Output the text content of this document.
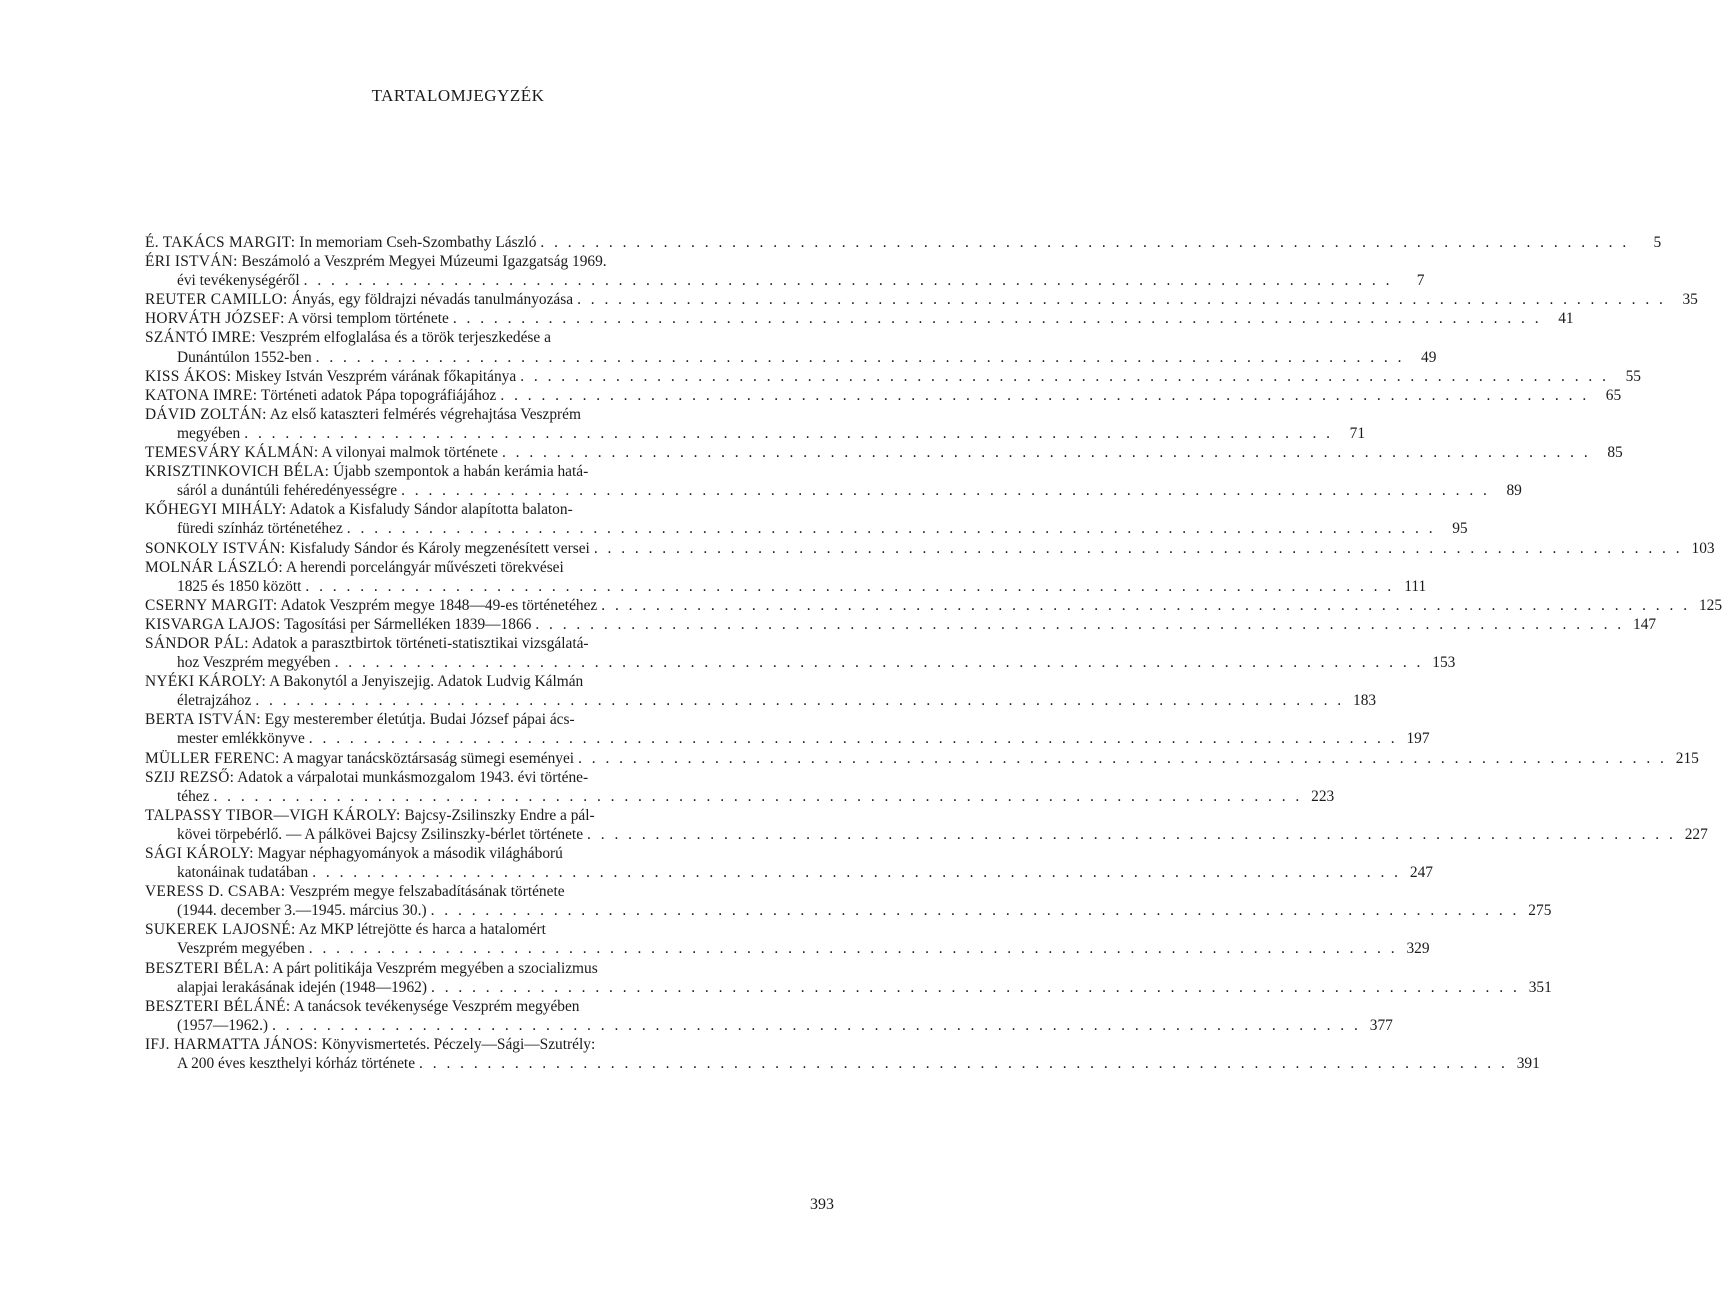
TARTALOMJEGYZÉK
É. TAKÁCS MARGIT: In memoriam Cseh-Szombathy László . . .	5
ÉRI ISTVÁN: Beszámoló a Veszprém Megyei Múzeumi Igazgatság 1969.
évi tevékenységéről . . .	7
REUTER CAMILLO: Ányás, egy földrajzi névadás tanulmányozása . . .	35
HORVÁTH JÓZSEF: A vörsi templom története . . .	41
SZÁNTÓ IMRE: Veszprém elfoglalása és a török terjeszkedése a
Dunántúlon 1552-ben . . .	49
KISS ÁKOS: Miskey István Veszprém várának főkapitánya . . .	55
KATONA IMRE: Történeti adatok Pápa topográfiájához . . .	65
DÁVID ZOLTÁN: Az első kataszteri felmérés végrehajtása Veszprém
megyében . . .	71
TEMESVÁRY KÁLMÁN: A vilonyai malmok története . . .	85
KRISZTINKOVICH BÉLA: Újabb szempontok a habán kerámia hatá-
sáról a dunántúli fehéredényességre . . .	89
KŐHEGYI MIHÁLY: Adatok a Kisfaludy Sándor alapította balaton-
füredi színház történetéhez . . .	95
SONKOLY ISTVÁN: Kisfaludy Sándor és Károly megzenésített versei . . .	103
MOLNÁR LÁSZLÓ: A herendi porcelángyár művészeti törekvései
1825 és 1850 között . . .	111
CSERNY MARGIT: Adatok Veszprém megye 1848—49-es történetéhez . . .	125
KISVARGA LAJOS: Tagosítási per Sármelléken 1839—1866 . . .	147
SÁNDOR PÁL: Adatok a parasztbirtok történeti-statisztikai vizsgálatá-
hoz Veszprém megyében . . .	153
NYÉKI KÁROLY: A Bakonytól a Jenyiszejig. Adatok Ludvig Kálmán
életrajzához . . .	183
BERTA ISTVÁN: Egy mesterember életútja. Budai József pápai ács-
mester emlékkönyve . . .	197
MÜLLER FERENC: A magyar tanácsköztársaság sümegi eseményei . . .	215
SZIJ REZSŐ: Adatok a várpalotai munkásmozgalom 1943. évi történe-
téhez . . .	223
TALPASSY TIBOR—VIGH KÁROLY: Bajcsy-Zsilinszky Endre a pál-
kövei törpebérlő. — A pálkövei Bajcsy Zsilinszky-bérlet története . . .	227
SÁGI KÁROLY: Magyar néphagyományok a második világháború
katonáinak tudatában . . .	247
VERESS D. CSABA: Veszprém megye felszabadításának története
(1944. december 3.—1945. március 30.) . . .	275
SUKEREK LAJOSNÉ: Az MKP létrejötte és harca a hatalomért
Veszprém megyében . . .	329
BESZTERI BÉLA: A párt politikája Veszprém megyében a szocializmus
alapjai lerakásának idején (1948—1962) . . .	351
BESZTERI BÉLÁNÉ: A tanácsok tevékenysége Veszprém megyében
(1957—1962.) . . .	377
IFJ. HARMATTA JÁNOS: Könyvismertetés. Péczely—Sági—Szutrély:
A 200 éves keszthelyi kórház története . . .	391
393
